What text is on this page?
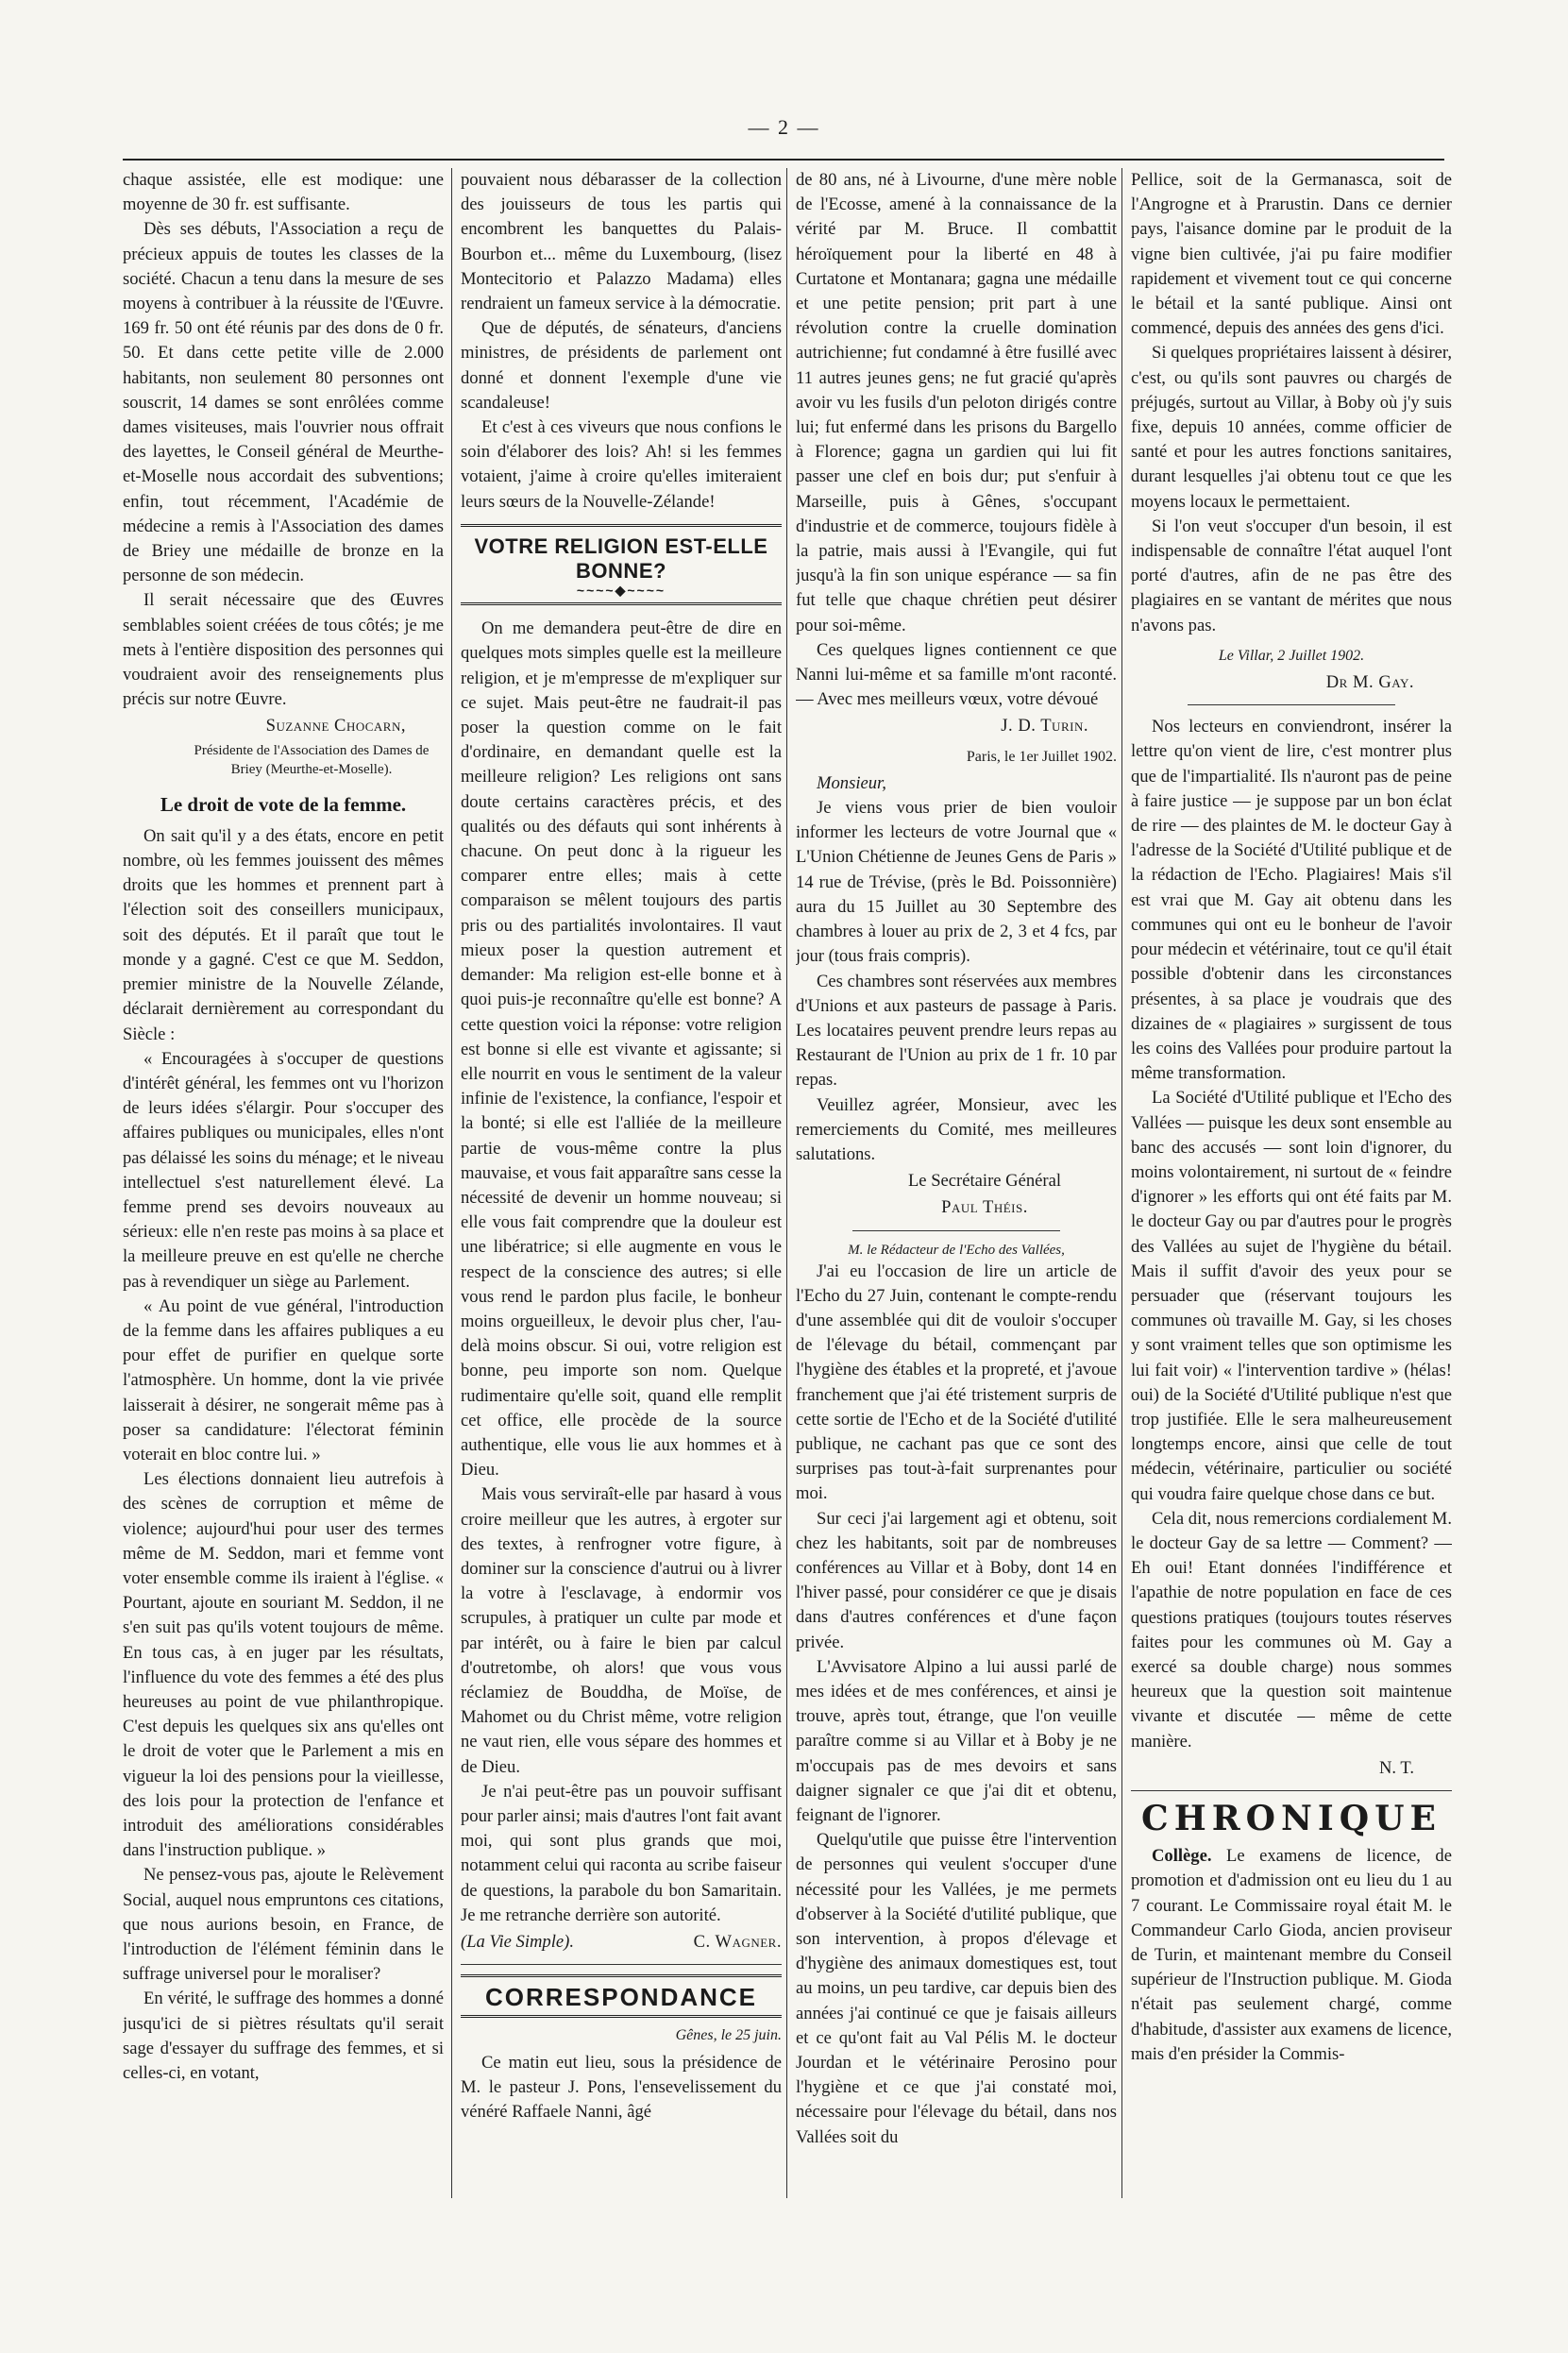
— 2 —

chaque assistée, elle est modique: une moyenne de 30 fr. est suffisante.

Dès ses débuts, l'Association a reçu de précieux appuis de toutes les classes de la société. Chacun a tenu dans la mesure de ses moyens à contribuer à la réussite de l'Œuvre. 169 fr. 50 ont été réunis par des dons de 0 fr. 50. Et dans cette petite ville de 2.000 habitants, non seulement 80 personnes ont souscrit, 14 dames se sont enrôlées comme dames visiteuses, mais l'ouvrier nous offrait des layettes, le Conseil général de Meurthe-et-Moselle nous accordait des subventions; enfin, tout récemment, l'Académie de médecine a remis à l'Association des dames de Briey une médaille de bronze en la personne de son médecin.

Il serait nécessaire que des Œuvres semblables soient créées de tous côtés; je me mets à l'entière disposition des personnes qui voudraient avoir des renseignements plus précis sur notre Œuvre.

Suzanne Chocarn,
Présidente de l'Association des Dames de Briey (Meurthe-et-Moselle).
Le droit de vote de la femme.

On sait qu'il y a des états, encore en petit nombre, où les femmes jouissent des mêmes droits que les hommes et prennent part à l'élection soit des conseillers municipaux, soit des députés. Et il paraît que tout le monde y a gagné. C'est ce que M. Seddon, premier ministre de la Nouvelle Zélande, déclarait dernièrement au correspondant du Siècle :

« Encouragées à s'occuper de questions d'intérêt général, les femmes ont vu l'horizon de leurs idées s'élargir. Pour s'occuper des affaires publiques ou municipales, elles n'ont pas délaissé les soins du ménage; et le niveau intellectuel s'est naturellement élevé. La femme prend ses devoirs nouveaux au sérieux: elle n'en reste pas moins à sa place et la meilleure preuve en est qu'elle ne cherche pas à revendiquer un siège au Parlement.

« Au point de vue général, l'introduction de la femme dans les affaires publiques a eu pour effet de purifier en quelque sorte l'atmosphère. Un homme, dont la vie privée laisserait à désirer, ne songerait même pas à poser sa candidature: l'électorat féminin voterait en bloc contre lui. »

Les élections donnaient lieu autrefois à des scènes de corruption et même de violence; aujourd'hui pour user des termes même de M. Seddon, mari et femme vont voter ensemble comme ils iraient à l'église. « Pourtant, ajoute en souriant M. Seddon, il ne s'en suit pas qu'ils votent toujours de même. En tous cas, à en juger par les résultats, l'influence du vote des femmes a été des plus heureuses au point de vue philanthropique. C'est depuis les quelques six ans qu'elles ont le droit de voter que le Parlement a mis en vigueur la loi des pensions pour la vieillesse, des lois pour la protection de l'enfance et introduit des améliorations considérables dans l'instruction publique. »

Ne pensez-vous pas, ajoute le Relèvement Social, auquel nous empruntons ces citations, que nous aurions besoin, en France, de l'introduction de l'élément féminin dans le suffrage universel pour le moraliser?

En vérité, le suffrage des hommes a donné jusqu'ici de si piètres résultats qu'il serait sage d'essayer du suffrage des femmes, et si celles-ci, en votant,

pouvaient nous débarasser de la collection des jouisseurs de tous les partis qui encombrent les banquettes du Palais-Bourbon et... même du Luxembourg, (lisez Montecitorio et Palazzo Madama) elles rendraient un fameux service à la démocratie.

Que de députés, de sénateurs, d'anciens ministres, de présidents de parlement ont donné et donnent l'exemple d'une vie scandaleuse!

Et c'est à ces viveurs que nous confions le soin d'élaborer des lois? Ah! si les femmes votaient, j'aime à croire qu'elles imiteraient leurs sœurs de la Nouvelle-Zélande!

VOTRE RELIGION EST-ELLE BONNE?
~~~~◆~~~~

On me demandera peut-être de dire en quelques mots simples quelle est la meilleure religion, et je m'empresse de m'expliquer sur ce sujet. Mais peut-être ne faudrait-il pas poser la question comme on le fait d'ordinaire, en demandant quelle est la meilleure religion? Les religions ont sans doute certains caractères précis, et des qualités ou des défauts qui sont inhérents à chacune. On peut donc à la rigueur les comparer entre elles; mais à cette comparaison se mêlent toujours des partis pris ou des partialités involontaires. Il vaut mieux poser la question autrement et demander: Ma religion est-elle bonne et à quoi puis-je reconnaître qu'elle est bonne? A cette question voici la réponse: votre religion est bonne si elle est vivante et agissante; si elle nourrit en vous le sentiment de la valeur infinie de l'existence, la confiance, l'espoir et la bonté; si elle est l'alliée de la meilleure partie de vous-même contre la plus mauvaise, et vous fait apparaître sans cesse la nécessité de devenir un homme nouveau; si elle vous fait comprendre que la douleur est une libératrice; si elle augmente en vous le respect de la conscience des autres; si elle vous rend le pardon plus facile, le bonheur moins orgueilleux, le devoir plus cher, l'au-delà moins obscur. Si oui, votre religion est bonne, peu importe son nom. Quelque rudimentaire qu'elle soit, quand elle remplit cet office, elle procède de la source authentique, elle vous lie aux hommes et à Dieu.

Mais vous serviraît-elle par hasard à vous croire meilleur que les autres, à ergoter sur des textes, à renfrogner votre figure, à dominer sur la conscience d'autrui ou à livrer la votre à l'esclavage, à endormir vos scrupules, à pratiquer un culte par mode et par intérêt, ou à faire le bien par calcul d'outretombe, oh alors! que vous vous réclamiez de Bouddha, de Moïse, de Mahomet ou du Christ même, votre religion ne vaut rien, elle vous sépare des hommes et de Dieu.

Je n'ai peut-être pas un pouvoir suffisant pour parler ainsi; mais d'autres l'ont fait avant moi, qui sont plus grands que moi, notamment celui qui raconta au scribe faiseur de questions, la parabole du bon Samaritain. Je me retranche derrière son autorité.

(La Vie Simple).	C. Wagner.
CORRESPONDANCE
Gênes, le 25 juin.

Ce matin eut lieu, sous la présidence de M. le pasteur J. Pons, l'ensevelissement du vénéré Raffaele Nanni, âgé

de 80 ans, né à Livourne, d'une mère noble de l'Ecosse, amené à la connaissance de la vérité par M. Bruce. Il combattit héroïquement pour la liberté en 48 à Curtatone et Montanara; gagna une médaille et une petite pension; prit part à une révolution contre la cruelle domination autrichienne; fut condamné à être fusillé avec 11 autres jeunes gens; ne fut gracié qu'après avoir vu les fusils d'un peloton dirigés contre lui; fut enfermé dans les prisons du Bargello à Florence; gagna un gardien qui lui fit passer une clef en bois dur; put s'enfuir à Marseille, puis à Gênes, s'occupant d'industrie et de commerce, toujours fidèle à la patrie, mais aussi à l'Evangile, qui fut jusqu'à la fin son unique espérance — sa fin fut telle que chaque chrétien peut désirer pour soi-même.

Ces quelques lignes contiennent ce que Nanni lui-même et sa famille m'ont raconté. — Avec mes meilleurs vœux, votre dévoué

J. D. Turin.
Paris, le 1er Juillet 1902.

Monsieur,

Je viens vous prier de bien vouloir informer les lecteurs de votre Journal que « L'Union Chétienne de Jeunes Gens de Paris » 14 rue de Trévise, (près le Bd. Poissonnière) aura du 15 Juillet au 30 Septembre des chambres à louer au prix de 2, 3 et 4 fcs, par jour (tous frais compris).

Ces chambres sont réservées aux membres d'Unions et aux pasteurs de passage à Paris. Les locataires peuvent prendre leurs repas au Restaurant de l'Union au prix de 1 fr. 10 par repas.

Veuillez agréer, Monsieur, avec les remerciements du Comité, mes meilleures salutations.

Le Secrétaire Général
Paul Théis.
M. le Rédacteur de l'Echo des Vallées,

J'ai eu l'occasion de lire un article de l'Echo du 27 Juin, contenant le compte-rendu d'une assemblée qui dit de vouloir s'occuper de l'élevage du bétail, commençant par l'hygiène des étables et la propreté, et j'avoue franchement que j'ai été tristement surpris de cette sortie de l'Echo et de la Société d'utilité publique, ne cachant pas que ce sont des surprises pas tout-à-fait surprenantes pour moi.

Sur ceci j'ai largement agi et obtenu, soit chez les habitants, soit par de nombreuses conférences au Villar et à Boby, dont 14 en l'hiver passé, pour considérer ce que je disais dans d'autres conférences et d'une façon privée.

L'Avvisatore Alpino a lui aussi parlé de mes idées et de mes conférences, et ainsi je trouve, après tout, étrange, que l'on veuille paraître comme si au Villar et à Boby je ne m'occupais pas de mes devoirs et sans daigner signaler ce que j'ai dit et obtenu, feignant de l'ignorer.

Quelqu'utile que puisse être l'intervention de personnes qui veulent s'occuper d'une nécessité pour les Vallées, je me permets d'observer à la Société d'utilité publique, que son intervention, à propos d'élevage et d'hygiène des animaux domestiques est, tout au moins, un peu tardive, car depuis bien des années j'ai continué ce que je faisais ailleurs et ce qu'ont fait au Val Pélis M. le docteur Jourdan et le vétérinaire Perosino pour l'hygiène et ce que j'ai constaté moi, nécessaire pour l'élevage du bétail, dans nos Vallées soit du

Pellice, soit de la Germanasca, soit de l'Angrogne et à Prarustin. Dans ce dernier pays, l'aisance domine par le produit de la vigne bien cultivée, j'ai pu faire modifier rapidement et vivement tout ce qui concerne le bétail et la santé publique. Ainsi ont commencé, depuis des années des gens d'ici.

Si quelques propriétaires laissent à désirer, c'est, ou qu'ils sont pauvres ou chargés de préjugés, surtout au Villar, à Boby où j'y suis fixe, depuis 10 années, comme officier de santé et pour les autres fonctions sanitaires, durant lesquelles j'ai obtenu tout ce que les moyens locaux le permettaient.

Si l'on veut s'occuper d'un besoin, il est indispensable de connaître l'état auquel l'ont porté d'autres, afin de ne pas être des plagiaires en se vantant de mérites que nous n'avons pas.

Le Villar, 2 Juillet 1902.
Dr M. Gay.

Nos lecteurs en conviendront, insérer la lettre qu'on vient de lire, c'est montrer plus que de l'impartialité. Ils n'auront pas de peine à faire justice — je suppose par un bon éclat de rire — des plaintes de M. le docteur Gay à l'adresse de la Société d'Utilité publique et de la rédaction de l'Echo. Plagiaires! Mais s'il est vrai que M. Gay ait obtenu dans les communes qui ont eu le bonheur de l'avoir pour médecin et vétérinaire, tout ce qu'il était possible d'obtenir dans les circonstances présentes, à sa place je voudrais que des dizaines de « plagiaires » surgissent de tous les coins des Vallées pour produire partout la même transformation.

La Société d'Utilité publique et l'Echo des Vallées — puisque les deux sont ensemble au banc des accusés — sont loin d'ignorer, du moins volontairement, ni surtout de « feindre d'ignorer » les efforts qui ont été faits par M. le docteur Gay ou par d'autres pour le progrès des Vallées au sujet de l'hygiène du bétail. Mais il suffit d'avoir des yeux pour se persuader que (réservant toujours les communes où travaille M. Gay, si les choses y sont vraiment telles que son optimisme les lui fait voir) « l'intervention tardive » (hélas! oui) de la Société d'Utilité publique n'est que trop justifiée. Elle le sera malheureusement longtemps encore, ainsi que celle de tout médecin, vétérinaire, particulier ou société qui voudra faire quelque chose dans ce but.

Cela dit, nous remercions cordialement M. le docteur Gay de sa lettre — Comment? — Eh oui! Etant données l'indifférence et l'apathie de notre population en face de ces questions pratiques (toujours toutes réserves faites pour les communes où M. Gay a exercé sa double charge) nous sommes heureux que la question soit maintenue vivante et discutée — même de cette manière.

N. T.
CHRONIQUE

Collège. Le examens de licence, de promotion et d'admission ont eu lieu du 1 au 7 courant. Le Commissaire royal était M. le Commandeur Carlo Gioda, ancien proviseur de Turin, et maintenant membre du Conseil supérieur de l'Instruction publique. M. Gioda n'était pas seulement chargé, comme d'habitude, d'assister aux examens de licence, mais d'en présider la Commis-
